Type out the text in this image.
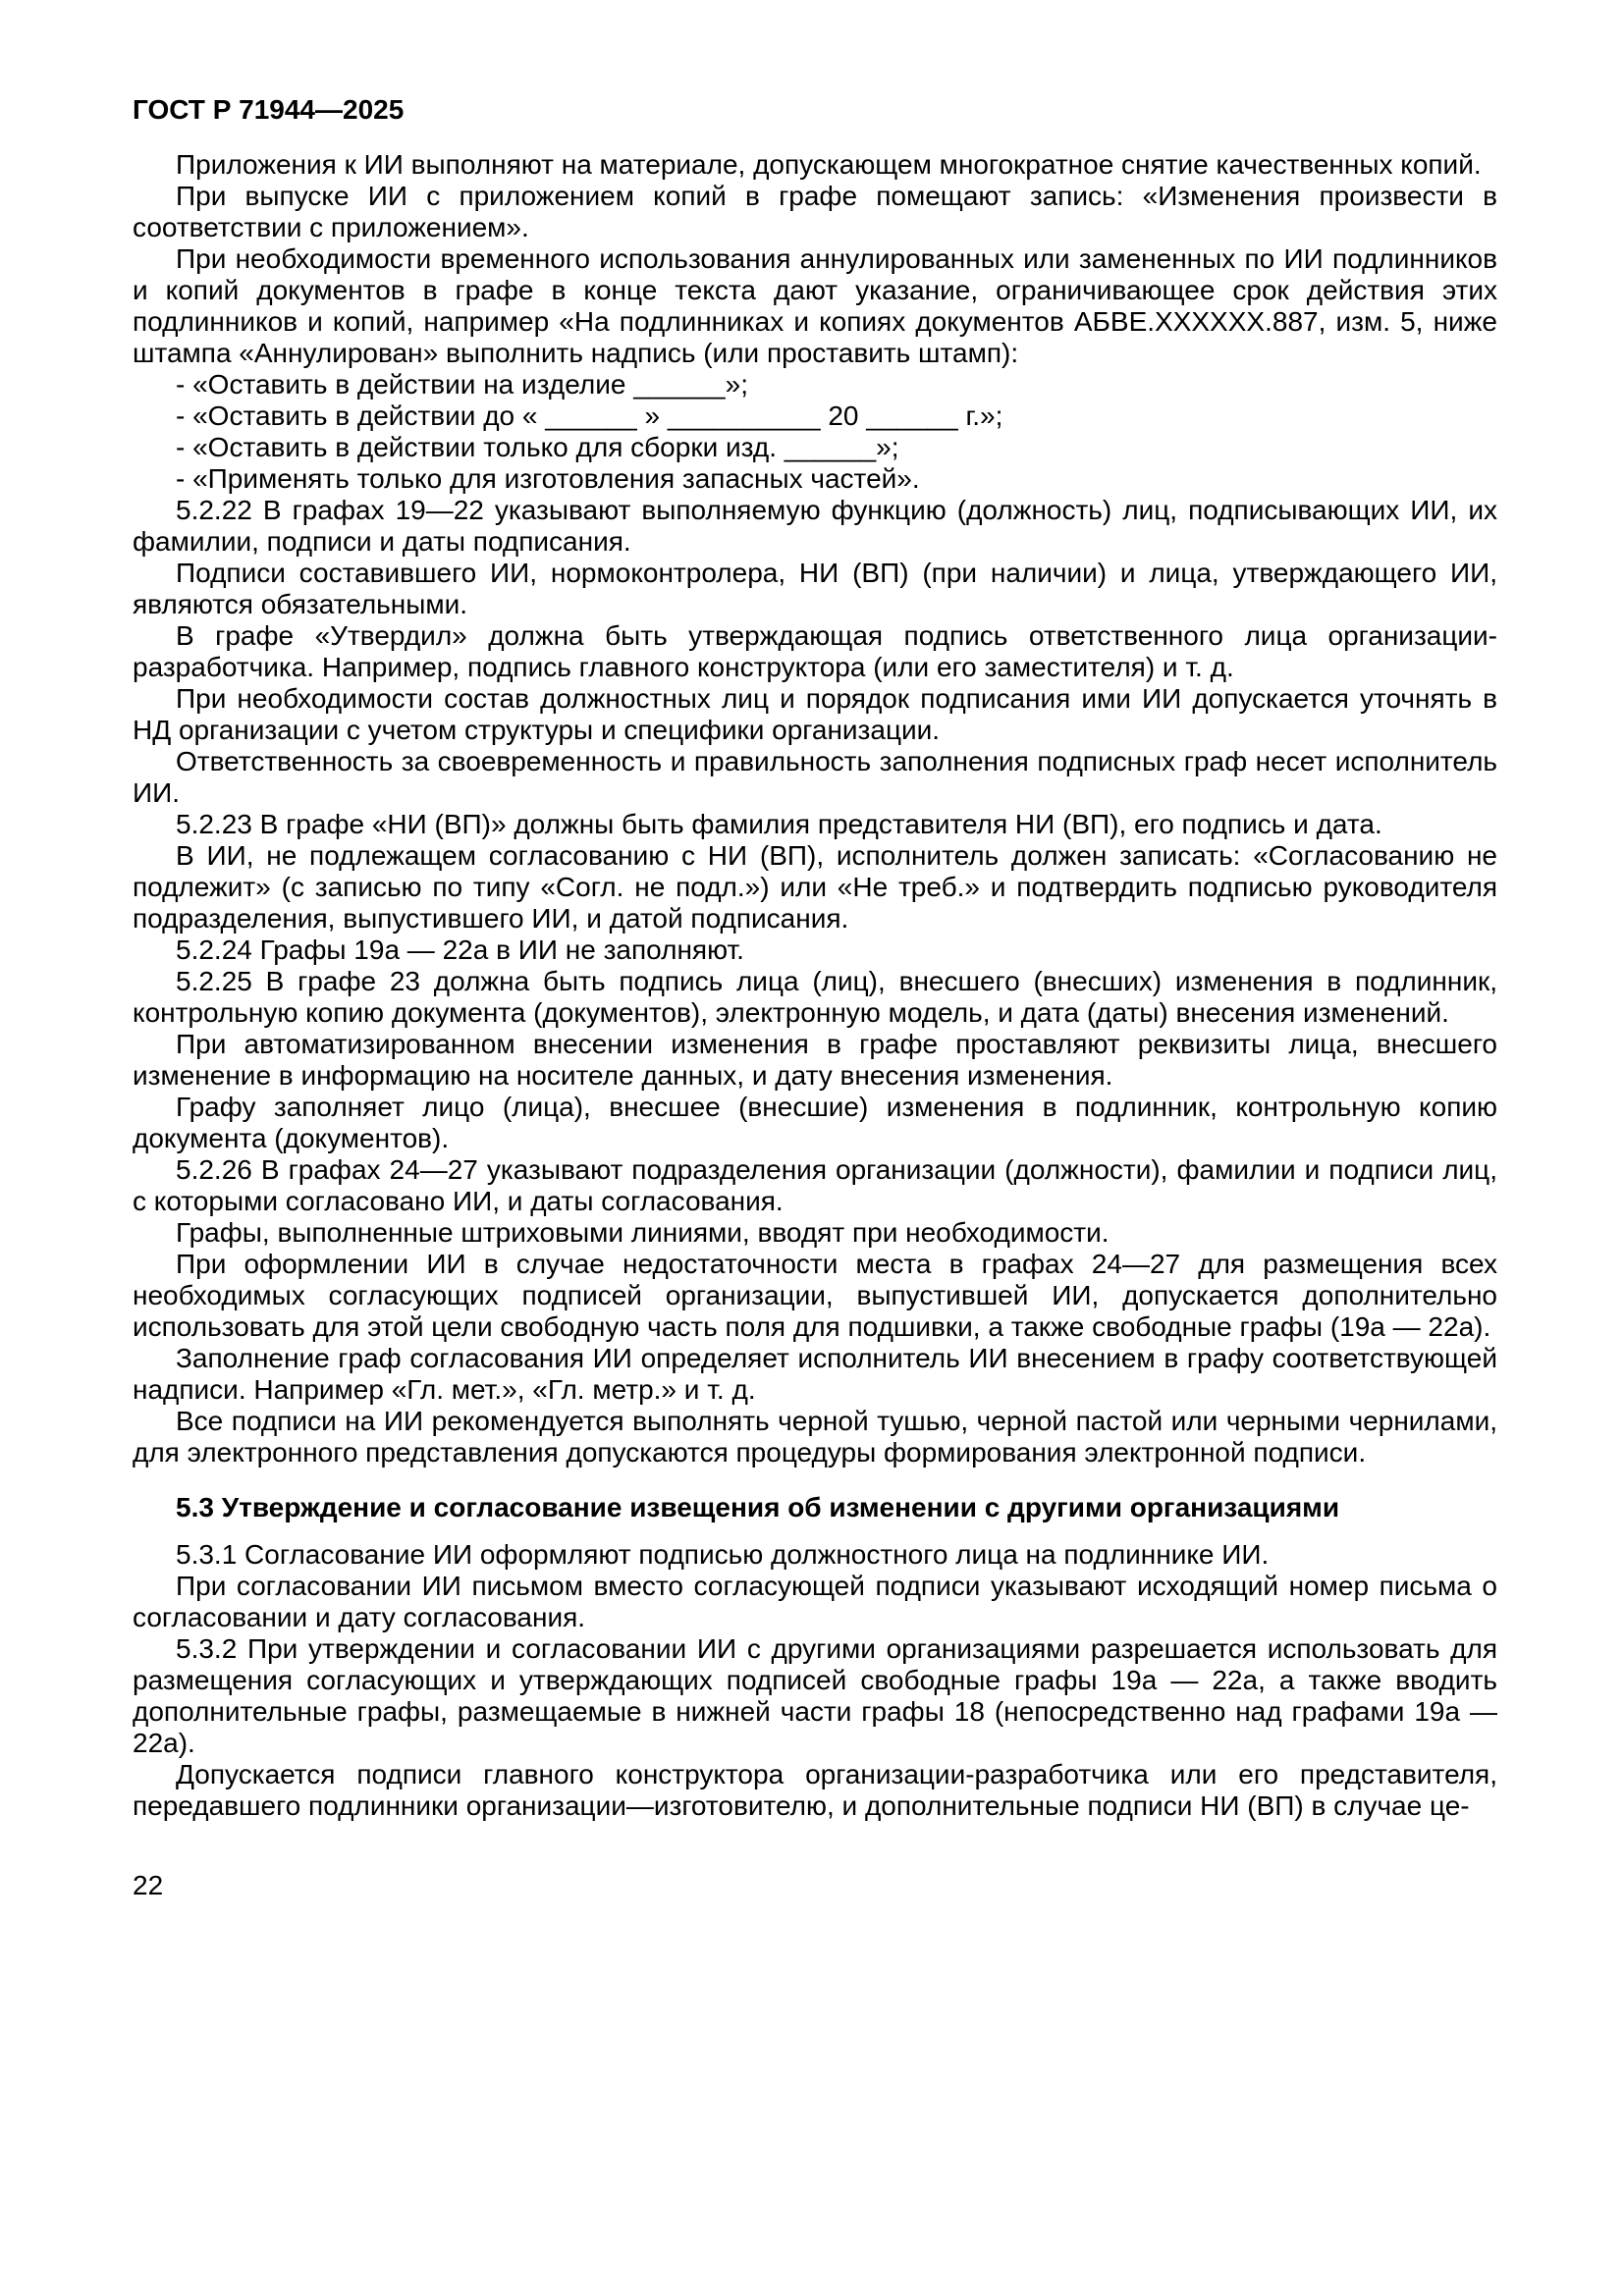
ГОСТ Р 71944—2025

Приложения к ИИ выполняют на материале, допускающем многократное снятие качественных копий.

При выпуске ИИ с приложением копий в графе помещают запись: «Изменения произвести в соответствии с приложением».

При необходимости временного использования аннулированных или замененных по ИИ подлинников и копий документов в графе в конце текста дают указание, ограничивающее срок действия этих подлинников и копий, например «На подлинниках и копиях документов АБВЕ.XXXXXX.887, изм. 5, ниже штампа «Аннулирован» выполнить надпись (или проставить штамп):

- «Оставить в действии на изделие ______»;

- «Оставить в действии до « ______ » __________ 20 ______ г.»;

- «Оставить в действии только для сборки изд. ______»;

- «Применять только для изготовления запасных частей».

5.2.22 В графах 19—22 указывают выполняемую функцию (должность) лиц, подписывающих ИИ, их фамилии, подписи и даты подписания.

Подписи составившего ИИ, нормоконтролера, НИ (ВП) (при наличии) и лица, утверждающего ИИ, являются обязательными.

В графе «Утвердил» должна быть утверждающая подпись ответственного лица организации-разработчика. Например, подпись главного конструктора (или его заместителя) и т. д.

При необходимости состав должностных лиц и порядок подписания ими ИИ допускается уточнять в НД организации с учетом структуры и специфики организации.

Ответственность за своевременность и правильность заполнения подписных граф несет исполнитель ИИ.

5.2.23 В графе «НИ (ВП)» должны быть фамилия представителя НИ (ВП), его подпись и дата.

В ИИ, не подлежащем согласованию с НИ (ВП), исполнитель должен записать: «Согласованию не подлежит» (с записью по типу «Согл. не подл.») или «Не треб.» и подтвердить подписью руководителя подразделения, выпустившего ИИ, и датой подписания.

5.2.24 Графы 19а — 22а в ИИ не заполняют.

5.2.25 В графе 23 должна быть подпись лица (лиц), внесшего (внесших) изменения в подлинник, контрольную копию документа (документов), электронную модель, и дата (даты) внесения изменений.

При автоматизированном внесении изменения в графе проставляют реквизиты лица, внесшего изменение в информацию на носителе данных, и дату внесения изменения.

Графу заполняет лицо (лица), внесшее (внесшие) изменения в подлинник, контрольную копию документа (документов).

5.2.26 В графах 24—27 указывают подразделения организации (должности), фамилии и подписи лиц, с которыми согласовано ИИ, и даты согласования.

Графы, выполненные штриховыми линиями, вводят при необходимости.

При оформлении ИИ в случае недостаточности места в графах 24—27 для размещения всех необходимых согласующих подписей организации, выпустившей ИИ, допускается дополнительно использовать для этой цели свободную часть поля для подшивки, а также свободные графы (19а — 22а).

Заполнение граф согласования ИИ определяет исполнитель ИИ внесением в графу соответствующей надписи. Например «Гл. мет.», «Гл. метр.» и т. д.

Все подписи на ИИ рекомендуется выполнять черной тушью, черной пастой или черными чернилами, для электронного представления допускаются процедуры формирования электронной подписи.

5.3 Утверждение и согласование извещения об изменении с другими организациями

5.3.1 Согласование ИИ оформляют подписью должностного лица на подлиннике ИИ.

При согласовании ИИ письмом вместо согласующей подписи указывают исходящий номер письма о согласовании и дату согласования.

5.3.2 При утверждении и согласовании ИИ с другими организациями разрешается использовать для размещения согласующих и утверждающих подписей свободные графы 19а — 22а, а также вводить дополнительные графы, размещаемые в нижней части графы 18 (непосредственно над графами 19а — 22а).

Допускается подписи главного конструктора организации-разработчика или его представителя, передавшего подлинники организации—изготовителю, и дополнительные подписи НИ (ВП) в случае це-

22
